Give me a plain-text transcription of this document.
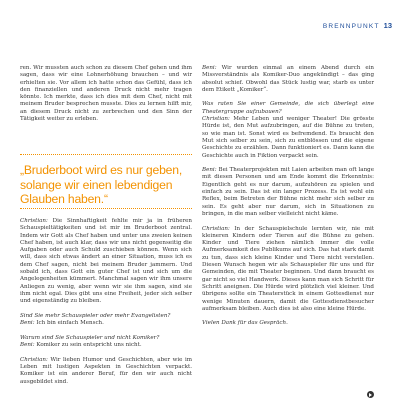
BRENNPUNKT 13

ren. Wir mussten auch schon zu diesem Chef gehen und ihm sagen, dass wir eine Lohnerhöhung brauchen – und wir erhielten sie. Vor allem ich hatte schon das Gefühl, dass ich den finanziellen und anderen Druck nicht mehr tragen könnte. Ich merkte, dass ich dies mit dem Chef, nicht mit meinem Bruder besprechen musste. Dies zu lernen hilft mir, an diesem Druck nicht zu zerbrechen und den Sinn der Tätigkeit weiter zu erleben.

„Bruderboot wird es nur geben, solange wir einen lebendigen Glauben haben.“

Christian: Die Sinnhaftigkeit fehlte mir ja in früheren Schauspieltätigkeiten und ist mir im Bruderboot zentral. Indem wir Gott als Chef haben und unter uns zweien keinen Chef haben, ist auch klar, dass wir uns nicht gegenseitig die Aufgaben oder auch Schuld zuschieben können. Wenn sich will, dass sich etwas ändert an einer Situation, muss ich es dem Chef sagen, nicht bei meinem Bruder jammern. Und sobald ich, dass Gott ein guter Chef ist und sich um die Angelegenheiten kümmert. Manchmal sagen wir ihm unsere Anliegen zu wenig, aber wenn wir sie ihm sagen, sind sie ihm nicht egal. Dies gibt uns eine Freiheit, jeder sich selber und eigenständig zu bleiben.

Sind Sie mehr Schauspieler oder mehr Evangelisten?

Beni: Ich bin einfach Mensch.

Warum sind Sie Schauspieler und nicht Komiker?

Beni: Komiker zu sein entspricht uns nicht.

Christian: Wir lieben Humor und Geschichten, aber wie im Leben mit lustigen Aspekten in Geschichten verpackt. Komiker ist ein anderer Beruf, für den wir auch nicht ausgebildet sind.

Beni: Wir wurden einmal an einem Abend durch ein Missverständnis als Komiker-Duo angekündigt – das ging absolut schief. Obwohl das Stück lustig war, starb es unter dem Etikett „Komiker“.

Was raten Sie einer Gemeinde, die sich überlegt eine Theatergruppe aufzubauen?

Christian: Mehr Leben und weniger Theater! Die grösste Hürde ist, den Mut aufzubringen, auf die Bühne zu treten, so wie man ist. Sonst wird es befremdend. Es braucht den Mut sich selber zu sein, sich zu entblössen und die eigene Geschichte zu erzählen. Dann funktioniert es. Dann kann die Geschichte auch in Fiktion verpackt sein.

Beni: Bei Theaterprojekten mit Laien arbeiten man oft lange mit diesen Personen und am Ende kommt die Erkenntnis: Eigentlich geht es nur darum, aufzuhören zu spielen und einfach zu sein. Das ist ein langer Prozess. Es ist wohl ein Reflex, beim Betreten der Bühne nicht mehr sich selber zu sein. Es geht aber nur darum, sich in Situationen zu bringen, in die man selber vielleicht nicht käme.

Christian: In der Schauspielschule lernten wir, nie mit kleineren Kindern oder Tieren auf die Bühne zu gehen. Kinder und Tiere ziehen nämlich immer die volle Aufmerksamkeit des Publikums auf sich. Das hat stark damit zu tun, dass sich kleine Kinder und Tiere nicht verstellen. Diesen Wunsch hegen wir als Schauspieler für uns und für Gemeinden, die mit Theater beginnen. Und dann braucht es gar nicht so viel Handwerk. Dieses kann man sich Schritt für Schritt aneignen. Die Hürde wird plötzlich viel kleiner. Und übrigens sollte ein Theaterstück in einem Gottesdienst nur wenige Minuten dauern, damit die Gottesdienstbesucher aufmerksam bleiben. Auch dies ist also eine kleine Hürde.

Vielen Dank für das Gespräch.
